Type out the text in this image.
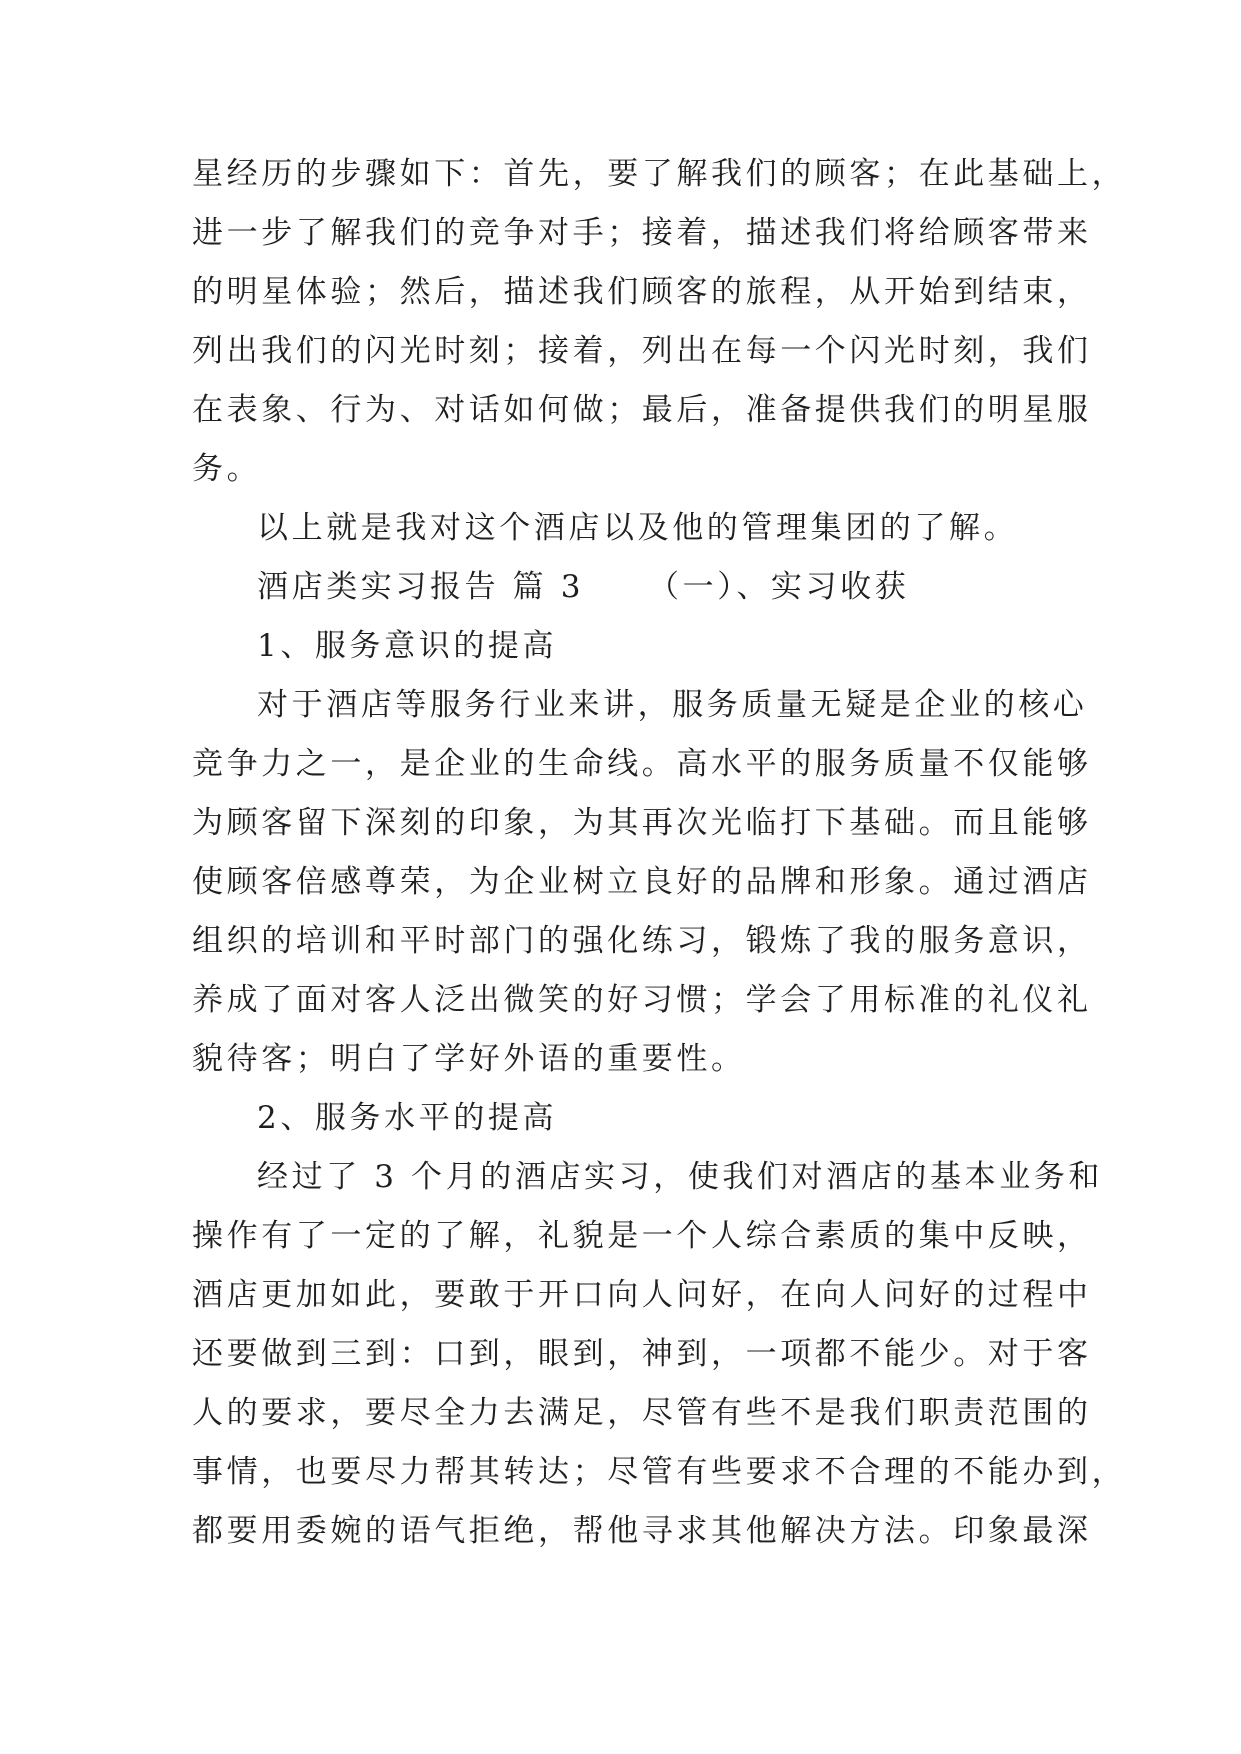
星经历的步骤如下：首先，要了解我们的顾客；在此基础上，
进一步了解我们的竞争对手；接着，描述我们将给顾客带来
的明星体验；然后，描述我们顾客的旅程，从开始到结束，
列出我们的闪光时刻；接着，列出在每一个闪光时刻，我们
在表象、行为、对话如何做；最后，准备提供我们的明星服
务。
以上就是我对这个酒店以及他的管理集团的了解。
酒店类实习报告 篇 3 （一）、实习收获
1、服务意识的提高
对于酒店等服务行业来讲，服务质量无疑是企业的核心
竞争力之一，是企业的生命线。高水平的服务质量不仅能够
为顾客留下深刻的印象，为其再次光临打下基础。而且能够
使顾客倍感尊荣，为企业树立良好的品牌和形象。通过酒店
组织的培训和平时部门的强化练习，锻炼了我的服务意识，
养成了面对客人泛出微笑的好习惯；学会了用标准的礼仪礼
貌待客；明白了学好外语的重要性。
2、服务水平的提高
经过了 3 个月的酒店实习，使我们对酒店的基本业务和
操作有了一定的了解，礼貌是一个人综合素质的集中反映，
酒店更加如此，要敢于开口向人问好，在向人问好的过程中
还要做到三到：口到，眼到，神到，一项都不能少。对于客
人的要求，要尽全力去满足，尽管有些不是我们职责范围的
事情，也要尽力帮其转达；尽管有些要求不合理的不能办到，
都要用委婉的语气拒绝，帮他寻求其他解决方法。印象最深
